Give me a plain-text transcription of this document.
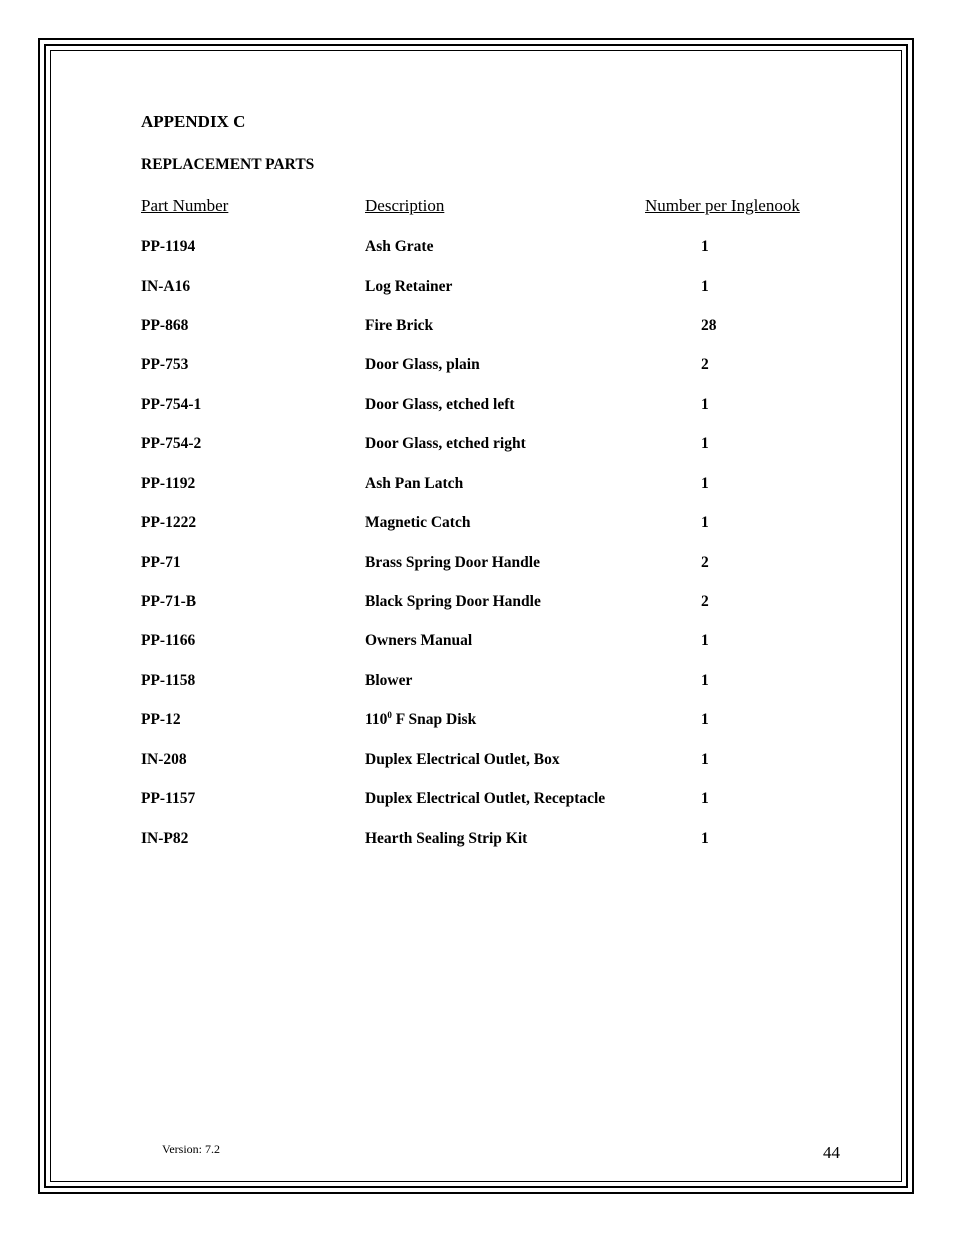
APPENDIX C
REPLACEMENT PARTS
Part Number	Description	Number per Inglenook
PP-1194	Ash Grate	1
IN-A16	Log Retainer	1
PP-868	Fire Brick	28
PP-753	Door Glass, plain	2
PP-754-1	Door Glass, etched left	1
PP-754-2	Door Glass, etched right	1
PP-1192	Ash Pan Latch	1
PP-1222	Magnetic Catch	1
PP-71	Brass Spring Door Handle	2
PP-71-B	Black Spring Door Handle	2
PP-1166	Owners Manual	1
PP-1158	Blower	1
PP-12	$110^0$ F Snap Disk	1
IN-208	Duplex Electrical Outlet, Box	1
PP-1157	Duplex Electrical Outlet, Receptacle	1
IN-P82	Hearth Sealing Strip Kit	1
Version: 7.2	44
